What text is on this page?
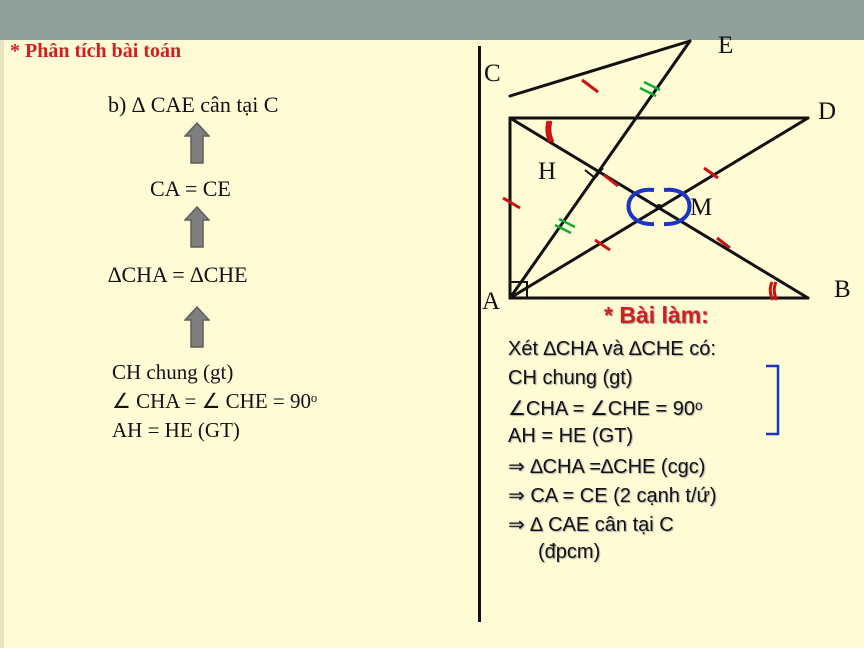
* Phân tích bài toán
b) ∆ CAE cân tại C
CA = CE
∆CHA = ∆CHE
CH chung (gt)
∠ CHA = ∠ CHE = 90ᵒ
AH = HE (GT)
E
C
D
H
M
A	B
* Bài làm:
Xét ∆CHA và ∆CHE có:
CH chung (gt)
∠CHA = ∠CHE = 90ᵒ
AH = HE (GT)
⇒ ∆CHA =∆CHE (cgc)
⇒ CA = CE (2 cạnh t/ứ)
⇒ ∆ CAE cân tại C
(đpcm)
